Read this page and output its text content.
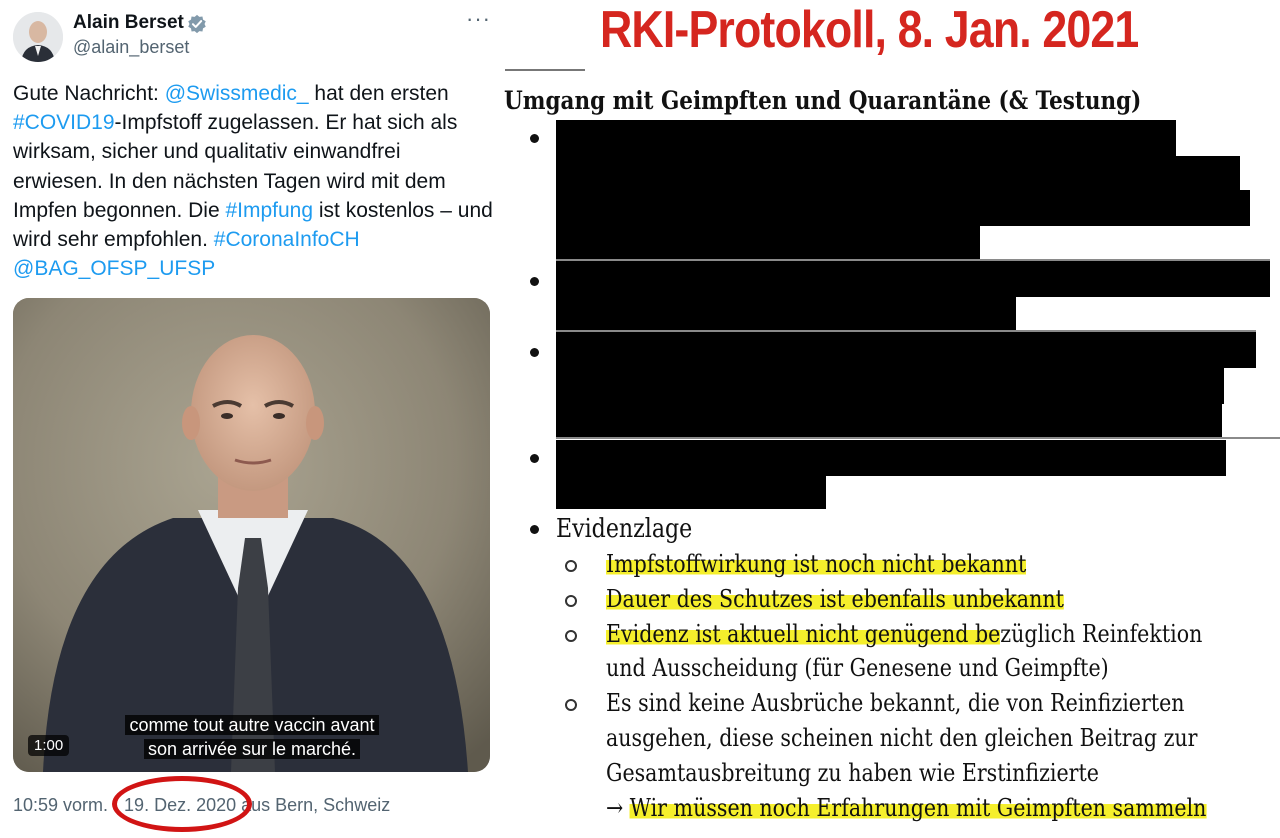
Alain Berset
@alain_berset
···
Gute Nachricht: @Swissmedic_ hat den ersten #COVID19-Impfstoff zugelassen. Er hat sich als wirksam, sicher und qualitativ einwandfrei erwiesen. In den nächsten Tagen wird mit dem Impfen begonnen. Die #Impfung ist kostenlos – und wird sehr empfohlen. #CoronaInfoCH
@BAG_OFSP_UFSP
1:00
comme tout autre vaccin avant
son arrivée sur le marché.
10:59 vorm. · 19. Dez. 2020 aus Bern, Schweiz
RKI-Protokoll, 8. Jan. 2021
Umgang mit Geimpften und Quarantäne (& Testung)
Evidenzlage
Impfstoffwirkung ist noch nicht bekannt
Dauer des Schutzes ist ebenfalls unbekannt
Evidenz ist aktuell nicht genügend bezüglich Reinfektion
und Ausscheidung (für Genesene und Geimpfte)
Es sind keine Ausbrüche bekannt, die von Reinfizierten
ausgehen, diese scheinen nicht den gleichen Beitrag zur
Gesamtausbreitung zu haben wie Erstinfizierte
→ Wir müssen noch Erfahrungen mit Geimpften sammeln
